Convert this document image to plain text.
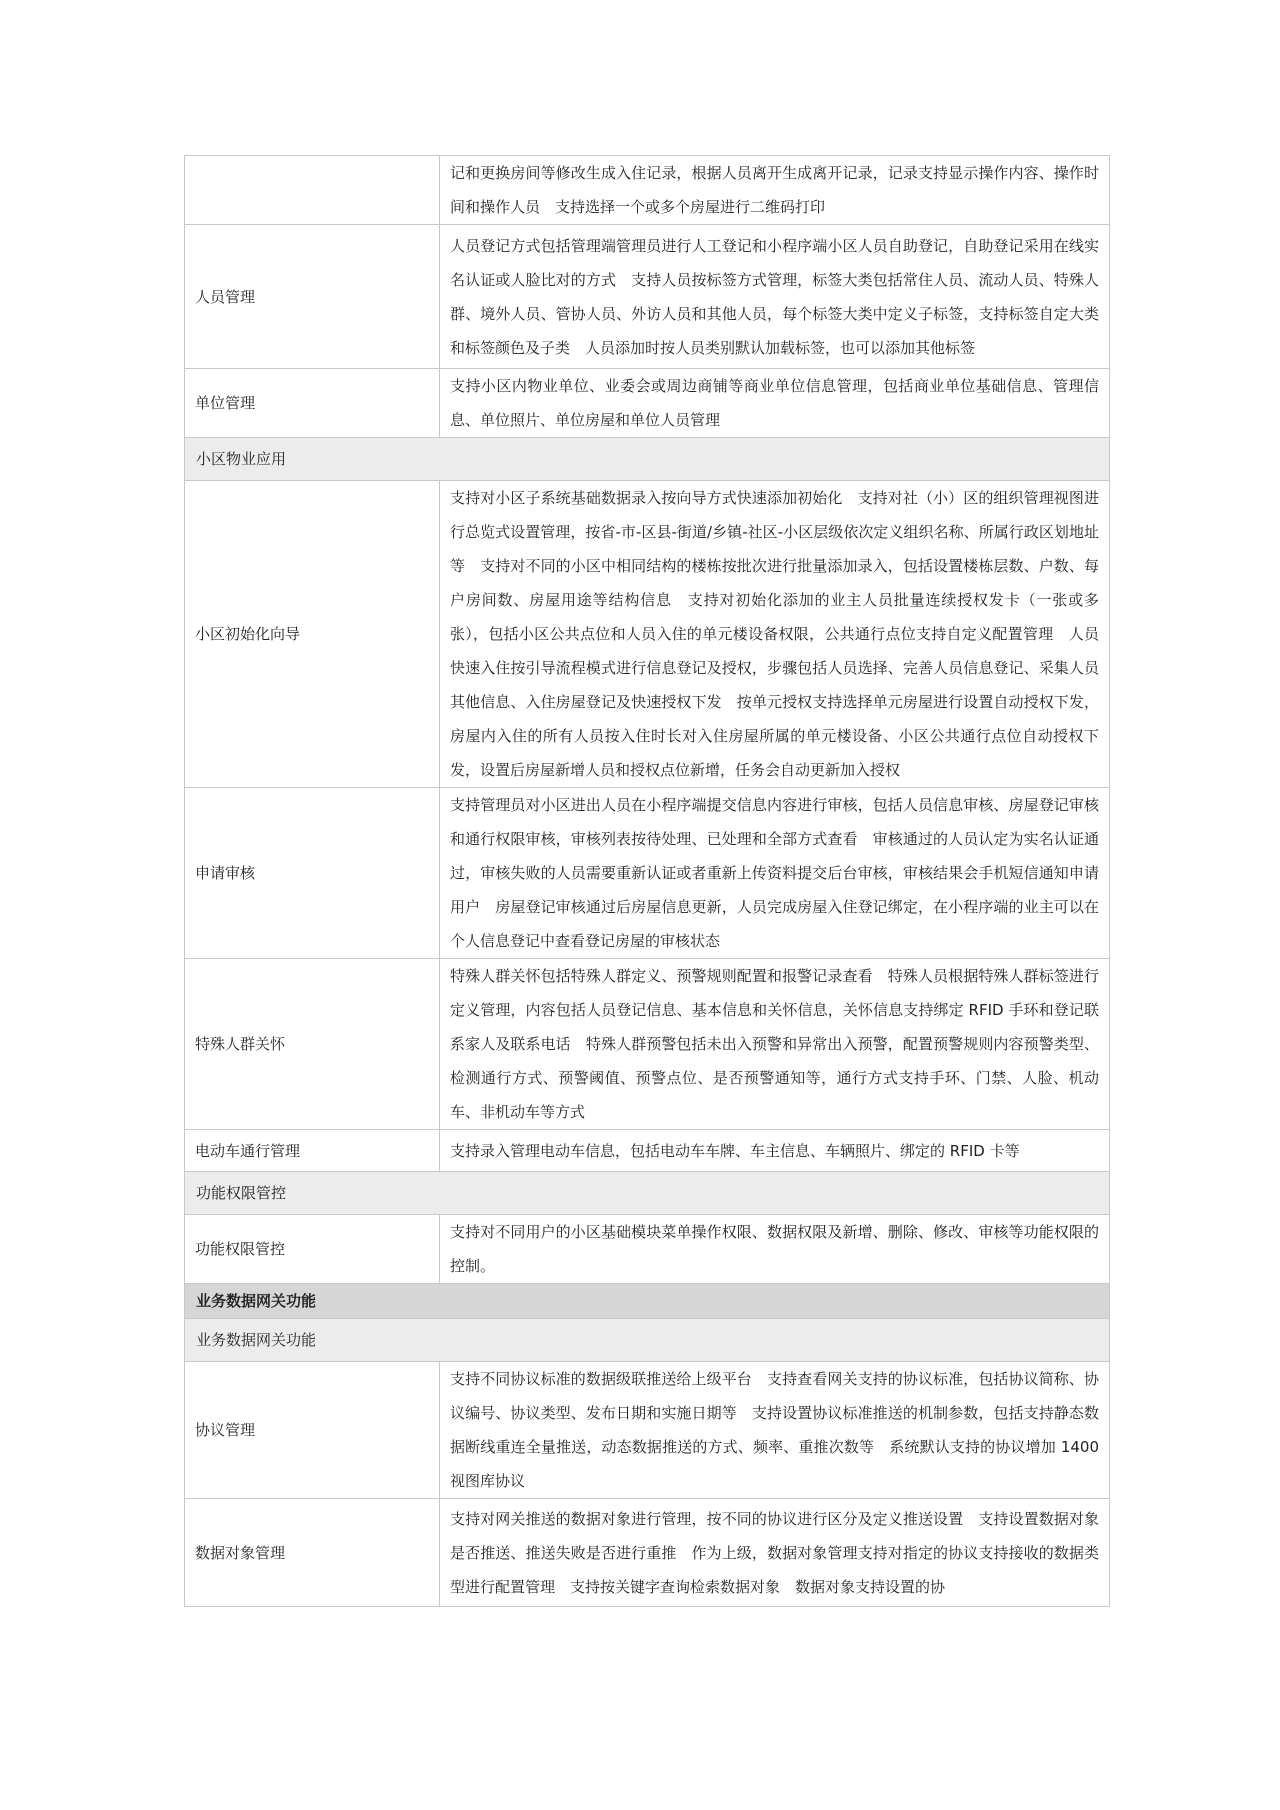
	记和更换房间等修改生成入住记录，根据人员离开生成离开记录，记录支持显示操作内容、操作时间和操作人员　支持选择一个或多个房屋进行二维码打印
人员管理	人员登记方式包括管理端管理员进行人工登记和小程序端小区人员自助登记，自助登记采用在线实名认证或人脸比对的方式　支持人员按标签方式管理，标签大类包括常住人员、流动人员、特殊人群、境外人员、管协人员、外访人员和其他人员，每个标签大类中定义子标签，支持标签自定大类和标签颜色及子类　人员添加时按人员类别默认加载标签，也可以添加其他标签
单位管理	支持小区内物业单位、业委会或周边商铺等商业单位信息管理，包括商业单位基础信息、管理信息、单位照片、单位房屋和单位人员管理
小区物业应用	
小区初始化向导	支持对小区子系统基础数据录入按向导方式快速添加初始化　支持对社（小）区的组织管理视图进行总览式设置管理，按省-市-区县-街道/乡镇-社区-小区层级依次定义组织名称、所属行政区划地址等　支持对不同的小区中相同结构的楼栋按批次进行批量添加录入，包括设置楼栋层数、户数、每户房间数、房屋用途等结构信息　支持对初始化添加的业主人员批量连续授权发卡（一张或多张），包括小区公共点位和人员入住的单元楼设备权限，公共通行点位支持自定义配置管理　人员快速入住按引导流程模式进行信息登记及授权，步骤包括人员选择、完善人员信息登记、采集人员其他信息、入住房屋登记及快速授权下发　按单元授权支持选择单元房屋进行设置自动授权下发，房屋内入住的所有人员按入住时长对入住房屋所属的单元楼设备、小区公共通行点位自动授权下发，设置后房屋新增人员和授权点位新增，任务会自动更新加入授权
申请审核	支持管理员对小区进出人员在小程序端提交信息内容进行审核，包括人员信息审核、房屋登记审核和通行权限审核，审核列表按待处理、已处理和全部方式查看　审核通过的人员认定为实名认证通过，审核失败的人员需要重新认证或者重新上传资料提交后台审核，审核结果会手机短信通知申请用户　房屋登记审核通过后房屋信息更新，人员完成房屋入住登记绑定，在小程序端的业主可以在个人信息登记中查看登记房屋的审核状态
特殊人群关怀	特殊人群关怀包括特殊人群定义、预警规则配置和报警记录查看　特殊人员根据特殊人群标签进行定义管理，内容包括人员登记信息、基本信息和关怀信息，关怀信息支持绑定 RFID 手环和登记联系家人及联系电话　特殊人群预警包括未出入预警和异常出入预警，配置预警规则内容预警类型、检测通行方式、预警阈值、预警点位、是否预警通知等，通行方式支持手环、门禁、人脸、机动车、非机动车等方式
电动车通行管理	支持录入管理电动车信息，包括电动车车牌、车主信息、车辆照片、绑定的 RFID 卡等
功能权限管控	
功能权限管控	支持对不同用户的小区基础模块菜单操作权限、数据权限及新增、删除、修改、审核等功能权限的控制。
业务数据网关功能	
业务数据网关功能	
协议管理	支持不同协议标准的数据级联推送给上级平台　支持查看网关支持的协议标准，包括协议简称、协议编号、协议类型、发布日期和实施日期等　支持设置协议标准推送的机制参数，包括支持静态数据断线重连全量推送，动态数据推送的方式、频率、重推次数等　系统默认支持的协议增加 1400 视图库协议
数据对象管理	支持对网关推送的数据对象进行管理，按不同的协议进行区分及定义推送设置　支持设置数据对象是否推送、推送失败是否进行重推　作为上级，数据对象管理支持对指定的协议支持接收的数据类型进行配置管理　支持按关键字查询检索数据对象　数据对象支持设置的协
